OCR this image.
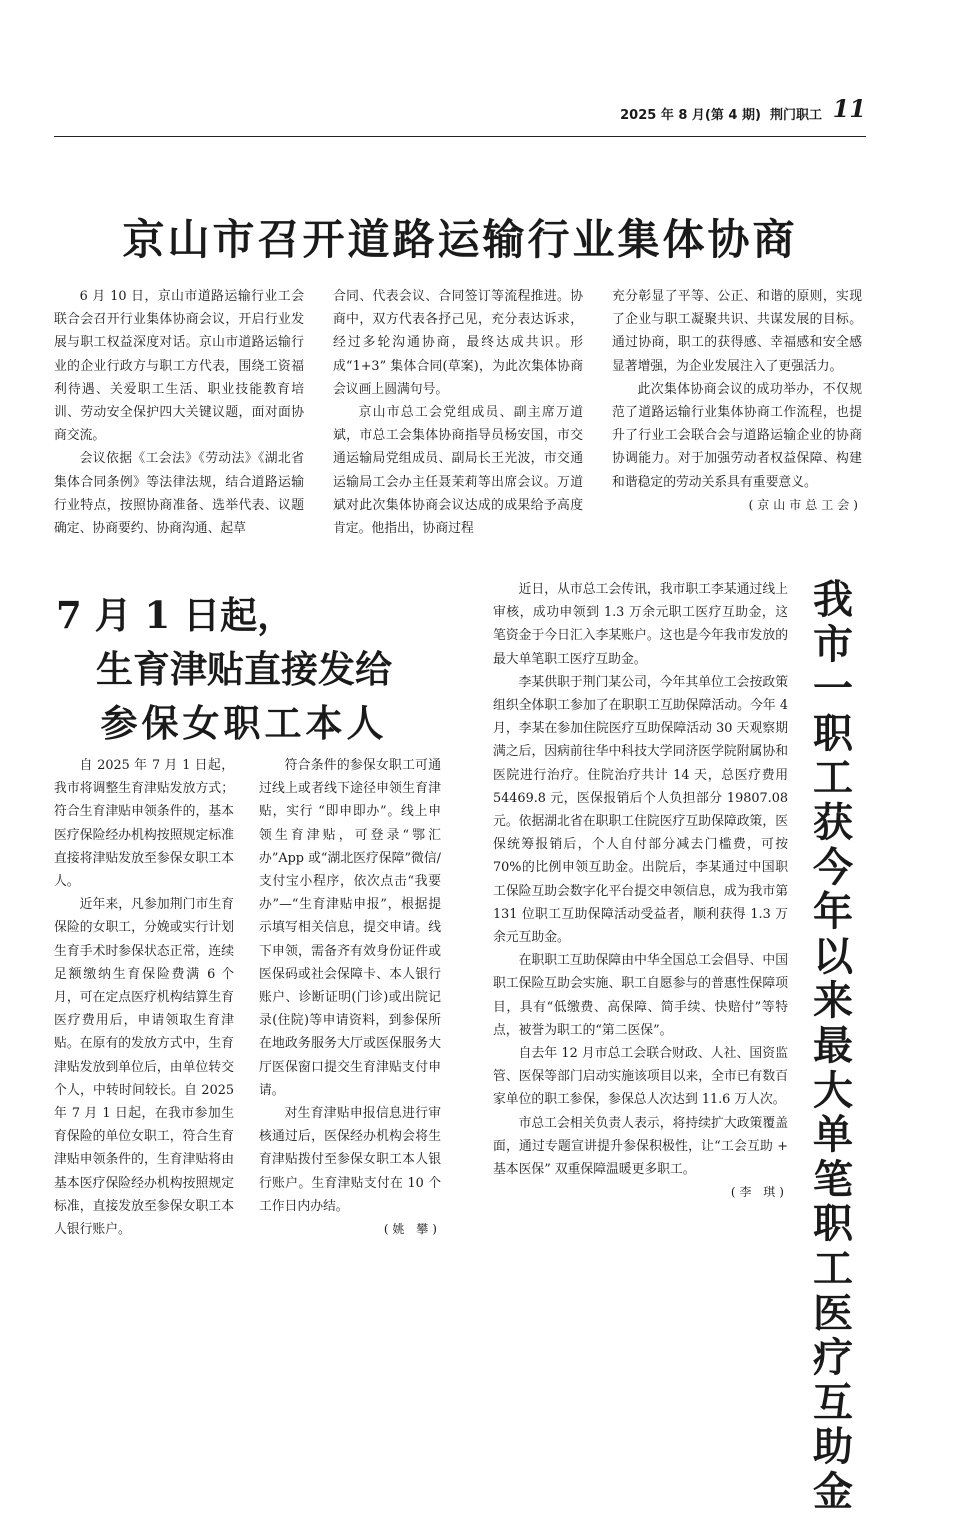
2025 年 8 月(第 4 期) 荆门职工 11
京山市召开道路运输行业集体协商

6 月 10 日，京山市道路运输行业工会联合会召开行业集体协商会议，开启行业发展与职工权益深度对话。京山市道路运输行业的企业行政方与职工方代表，围绕工资福利待遇、关爱职工生活、职业技能教育培训、劳动安全保护四大关键议题，面对面协商交流。

会议依据《工会法》《劳动法》《湖北省集体合同条例》等法律法规，结合道路运输行业特点，按照协商准备、选举代表、议题确定、协商要约、协商沟通、起草

合同、代表会议、合同签订等流程推进。协商中，双方代表各抒己见，充分表达诉求，经过多轮沟通协商，最终达成共识。形成“1+3” 集体合同(草案)，为此次集体协商会议画上圆满句号。

京山市总工会党组成员、副主席万道斌，市总工会集体协商指导员杨安国，市交通运输局党组成员、副局长王光波，市交通运输局工会办主任聂茉莉等出席会议。万道斌对此次集体协商会议达成的成果给予高度肯定。他指出，协商过程

充分彰显了平等、公正、和谐的原则，实现了企业与职工凝聚共识、共谋发展的目标。通过协商，职工的获得感、幸福感和安全感显著增强，为企业发展注入了更强活力。

此次集体协商会议的成功举办，不仅规范了道路运输行业集体协商工作流程，也提升了行业工会联合会与道路运输企业的协商协调能力。对于加强劳动者权益保障、构建和谐稳定的劳动关系具有重要意义。
(京山市总工会)

7 月 1 日起，
生育津贴直接发给
参保女职工本人

自 2025 年 7 月 1 日起，我市将调整生育津贴发放方式；符合生育津贴申领条件的，基本医疗保险经办机构按照规定标准直接将津贴发放至参保女职工本人。

近年来，凡参加荆门市生育保险的女职工，分娩或实行计划生育手术时参保状态正常，连续足额缴纳生育保险费满 6 个月，可在定点医疗机构结算生育医疗费用后，申请领取生育津贴。在原有的发放方式中，生育津贴发放到单位后，由单位转交个人，中转时间较长。自 2025 年 7 月 1 日起，在我市参加生育保险的单位女职工，符合生育津贴申领条件的，生育津贴将由基本医疗保险经办机构按照规定标准，直接发放至参保女职工本人银行账户。

符合条件的参保女职工可通过线上或者线下途径申领生育津贴，实行 “即申即办”。线上申领生育津贴，可登录“鄂汇办”App 或“湖北医疗保障”微信/支付宝小程序，依次点击“我要办”—“生育津贴申报”，根据提示填写相关信息，提交申请。线下申领，需备齐有效身份证件或医保码或社会保障卡、本人银行账户、诊断证明(门诊)或出院记录(住院)等申请资料，到参保所在地政务服务大厅或医保服务大厅医保窗口提交生育津贴支付申请。

对生育津贴申报信息进行审核通过后，医保经办机构会将生育津贴拨付至参保女职工本人银行账户。生育津贴支付在 10 个工作日内办结。

(姚 攀)

近日，从市总工会传讯，我市职工李某通过线上审核，成功申领到 1.3 万余元职工医疗互助金，这笔资金于今日汇入李某账户。这也是今年我市发放的最大单笔职工医疗互助金。

李某供职于荆门某公司，今年其单位工会按政策组织全体职工参加了在职职工互助保障活动。今年 4 月，李某在参加住院医疗互助保障活动 30 天观察期满之后，因病前往华中科技大学同济医学院附属协和医院进行治疗。住院治疗共计 14 天，总医疗费用 54469.8 元，医保报销后个人负担部分 19807.08 元。依据湖北省在职职工住院医疗互助保障政策，医保统筹报销后，个人自付部分减去门槛费，可按 70%的比例申领互助金。出院后，李某通过中国职工保险互助会数字化平台提交申领信息，成为我市第 131 位职工互助保障活动受益者，顺利获得 1.3 万余元互助金。

在职职工互助保障由中华全国总工会倡导、中国职工保险互助会实施、职工自愿参与的普惠性保障项目，具有“低缴费、高保障、简手续、快赔付”等特点，被誉为职工的“第二医保”。

自去年 12 月市总工会联合财政、人社、国资监管、医保等部门启动实施该项目以来，全市已有数百家单位的职工参保，参保总人次达到 11.6 万人次。

市总工会相关负责人表示，将持续扩大政策覆盖面，通过专题宣讲提升参保积极性，让“工会互助 + 基本医保” 双重保障温暖更多职工。
(李 琪)

我
市
一
职
工
获
今
年
以
来
最
大
单
笔
职
工
医
疗
互
助
金
